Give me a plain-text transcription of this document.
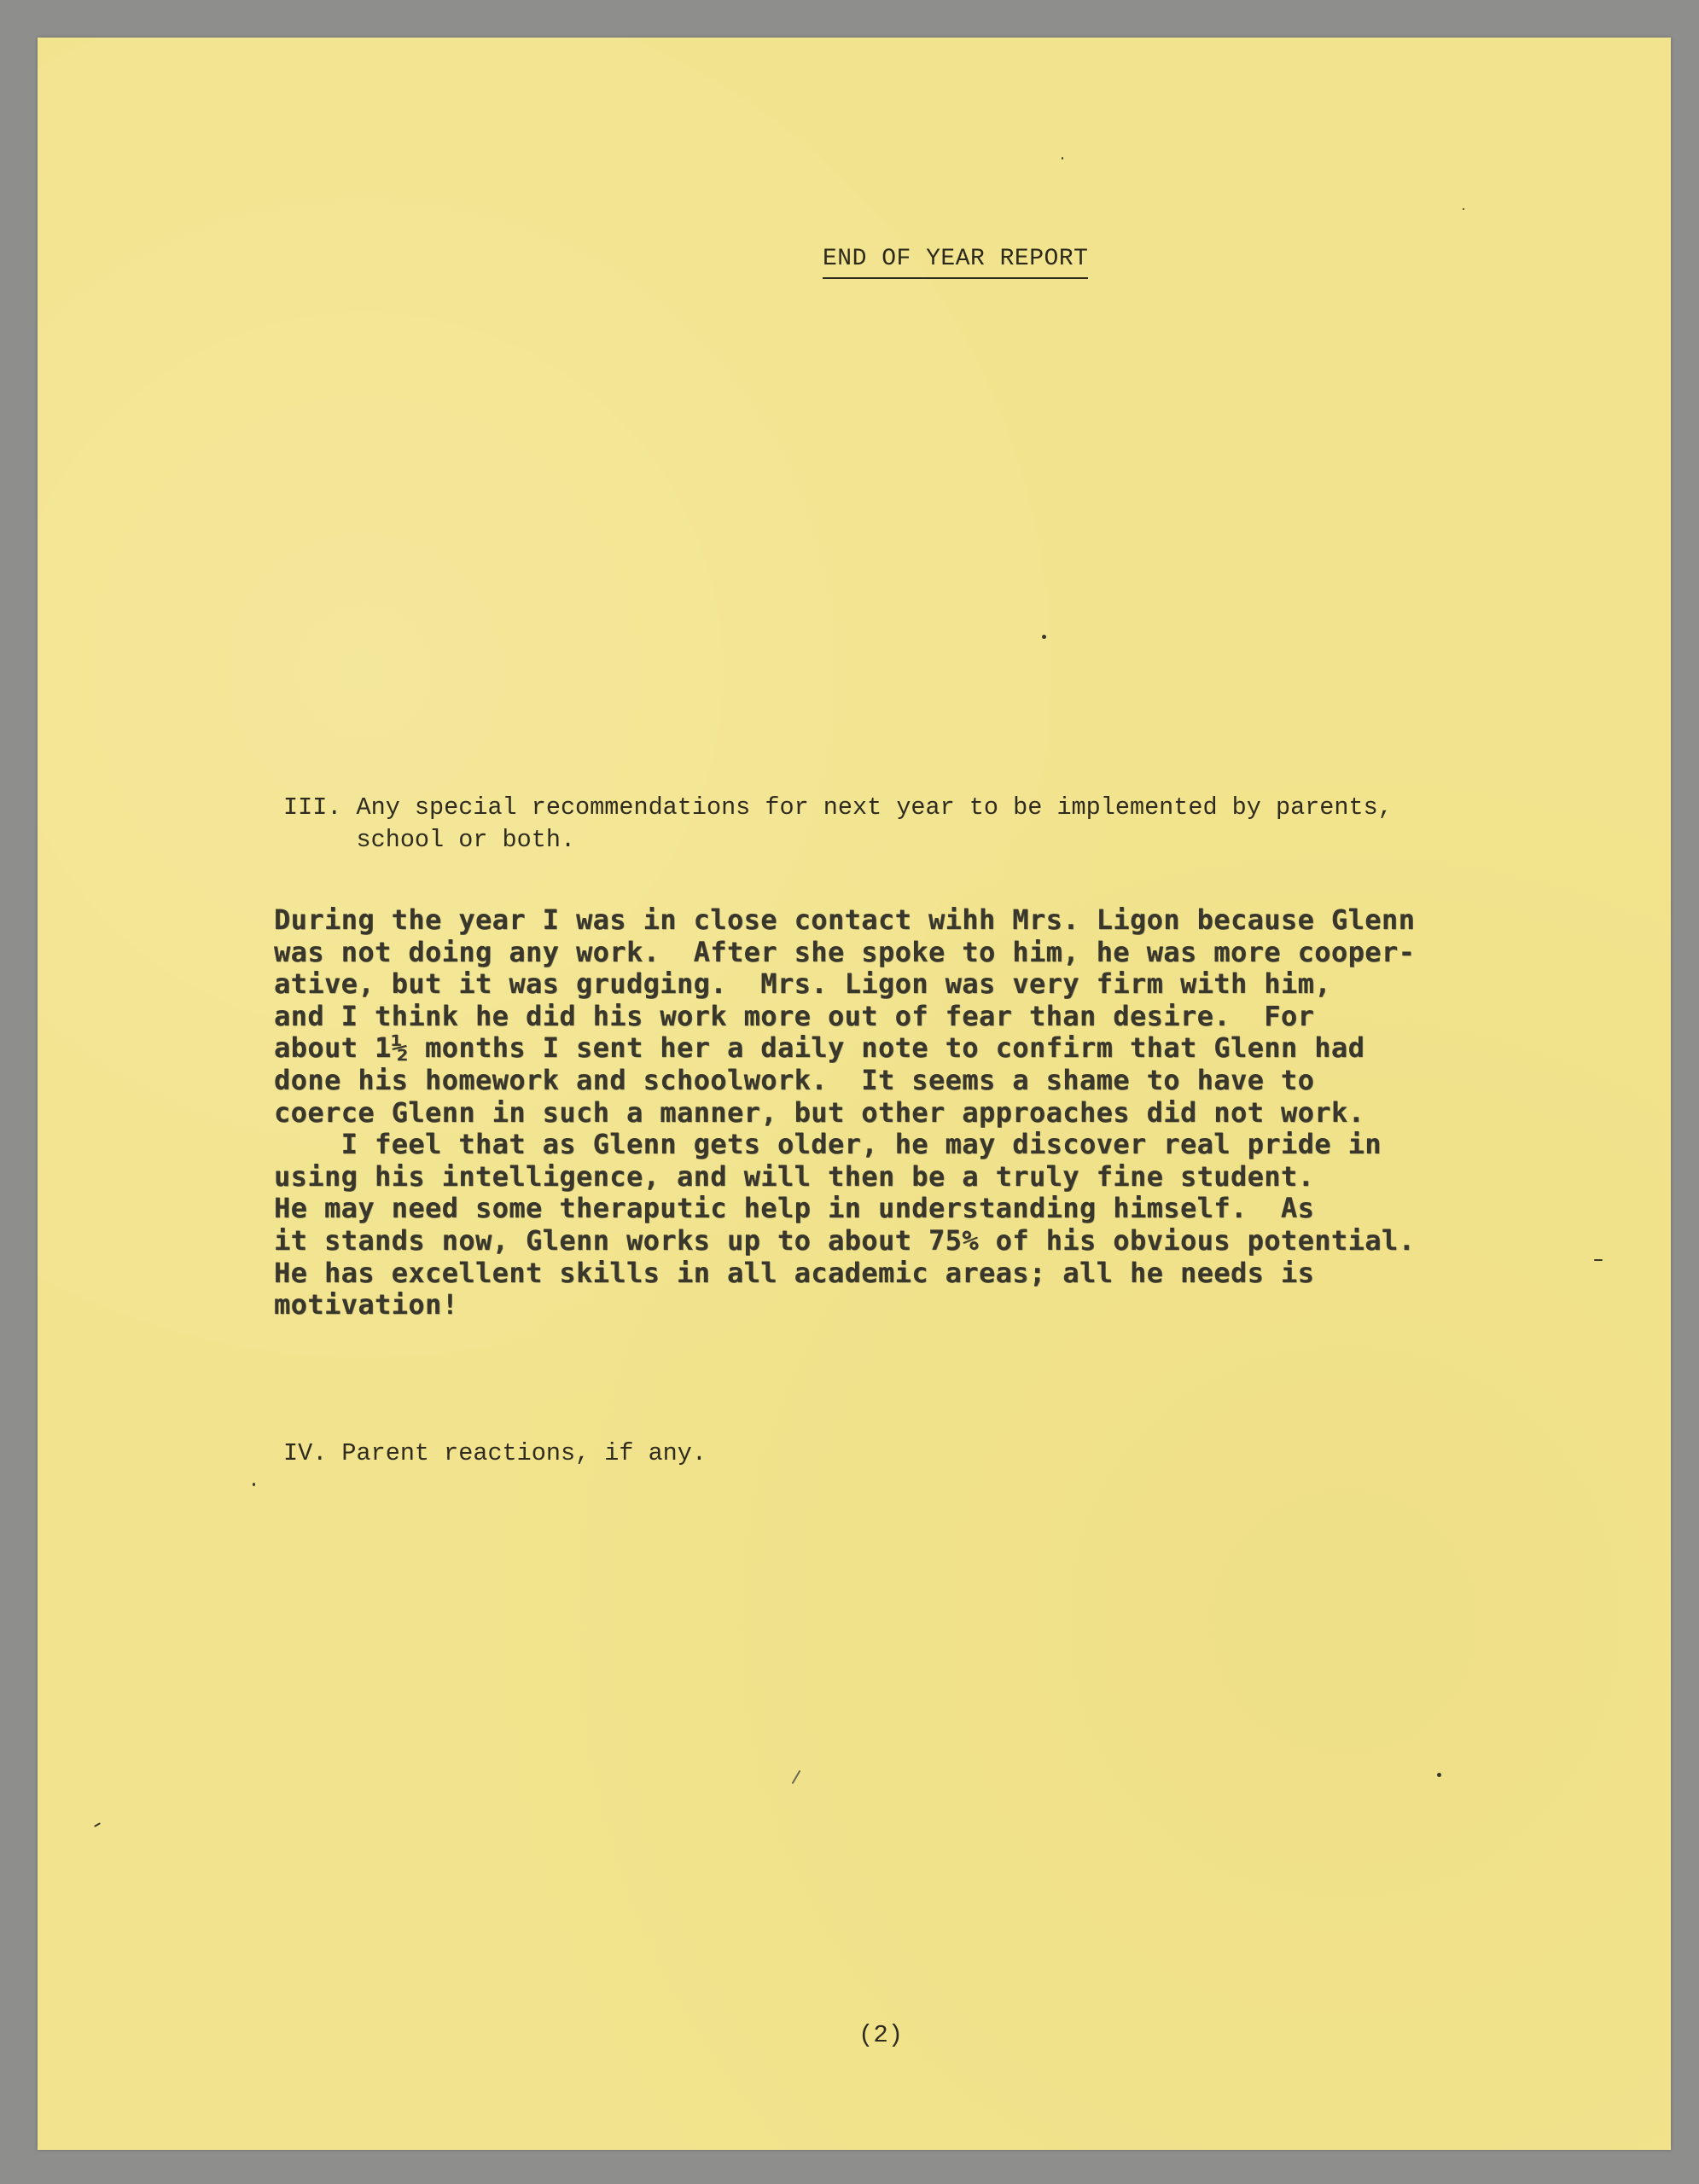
END OF YEAR REPORT
III. Any special recommendations for next year to be implemented by parents,
school or both.
During the year I was in close contact wihh Mrs. Ligon because Glenn
was not doing any work.  After she spoke to him, he was more cooper-
ative, but it was grudging.  Mrs. Ligon was very firm with him,
and I think he did his work more out of fear than desire.  For
about 1½ months I sent her a daily note to confirm that Glenn had
done his homework and schoolwork.  It seems a shame to have to
coerce Glenn in such a manner, but other approaches did not work.
I feel that as Glenn gets older, he may discover real pride in
using his intelligence, and will then be a truly fine student.
He may need some theraputic help in understanding himself.  As
it stands now, Glenn works up to about 75% of his obvious potential.
He has excellent skills in all academic areas; all he needs is
motivation!
IV. Parent reactions, if any.
(2)
